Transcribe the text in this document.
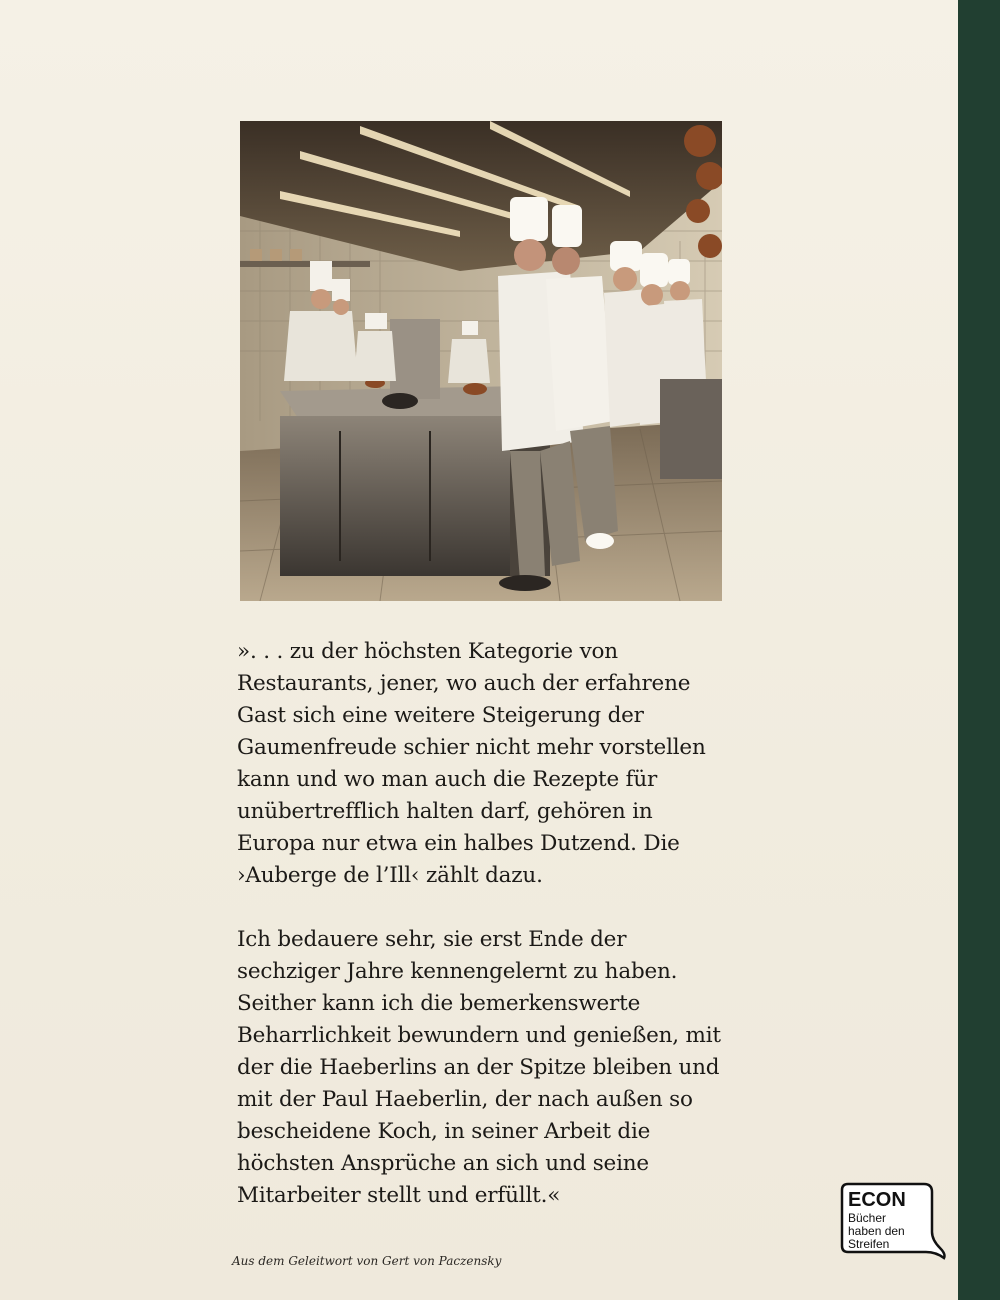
». . . zu der höchsten Kategorie von
Restaurants, jener, wo auch der erfahrene
Gast sich eine weitere Steigerung der
Gaumenfreude schier nicht mehr vorstellen
kann und wo man auch die Rezepte für
unübertrefflich halten darf, gehören in
Europa nur etwa ein halbes Dutzend. Die
›Auberge de l’Ill‹ zählt dazu.

Ich bedauere sehr, sie erst Ende der
sechziger Jahre kennengelernt zu haben.
Seither kann ich die bemerkenswerte
Beharrlichkeit bewundern und genießen, mit
der die Haeberlins an der Spitze bleiben und
mit der Paul Haeberlin, der nach außen so
bescheidene Koch, in seiner Arbeit die
höchsten Ansprüche an sich und seine
Mitarbeiter stellt und erfüllt.«

Aus dem Geleitwort von Gert von Paczensky
ECON
Bücher
haben den
Streifen
